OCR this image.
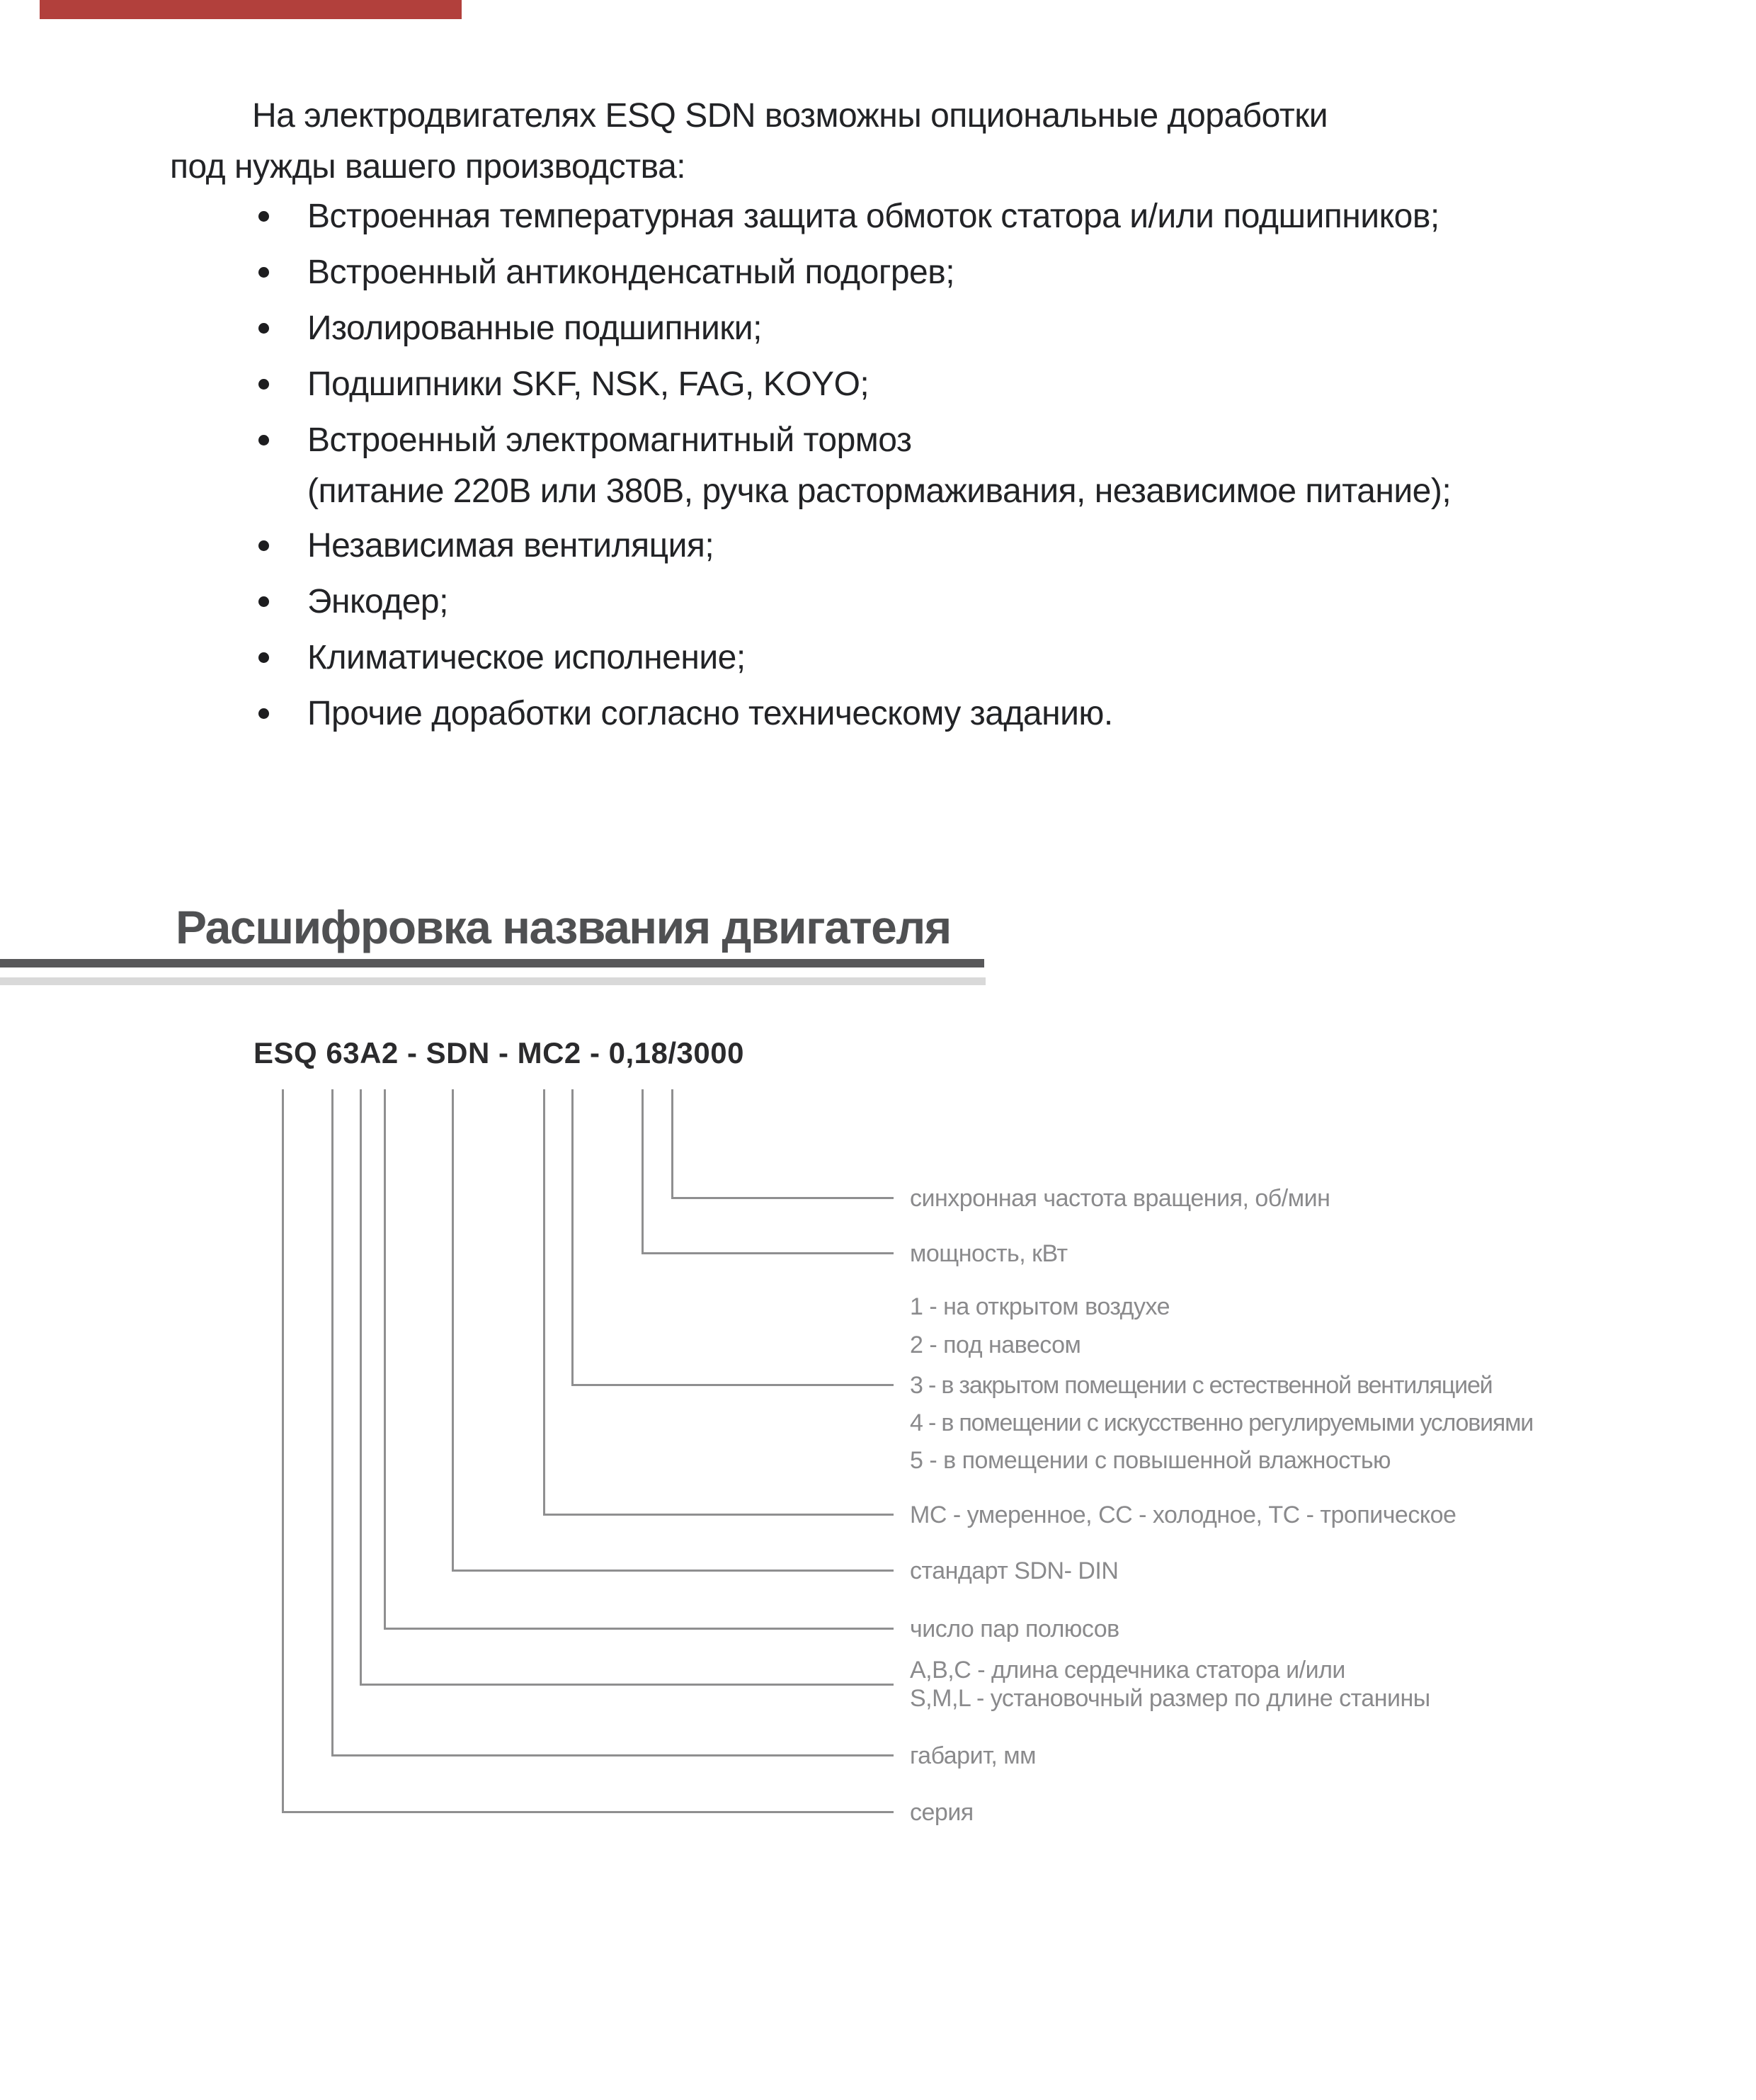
На электродвигателях ESQ SDN возможны опциональные доработки
под нужды вашего производства:
Встроенная температурная защита обмоток статора и/или подшипников;
Встроенный антиконденсатный подогрев;
Изолированные подшипники;
Подшипники SKF, NSK, FAG, KOYO;
Встроенный электромагнитный тормоз
(питание 220В или 380В, ручка растормаживания, независимое питание);
Независимая вентиляция;
Энкодер;
Климатическое исполнение;
Прочие доработки согласно техническому заданию.
Расшифровка названия двигателя
ESQ 63A2 - SDN - MC2 - 0,18/3000
синхронная частота вращения, об/мин
мощность, кВт
1 - на открытом воздухе
2 - под навесом
3 - в закрытом помещении с естественной вентиляцией
4 - в помещении с искусственно регулируемыми условиями
5 - в помещении с повышенной влажностью
МС - умеренное, СС - холодное, ТС - тропическое
стандарт SDN- DIN
число пар полюсов
A,B,C - длина сердечника статора и/или
S,M,L - установочный размер по длине станины
габарит, мм
серия
